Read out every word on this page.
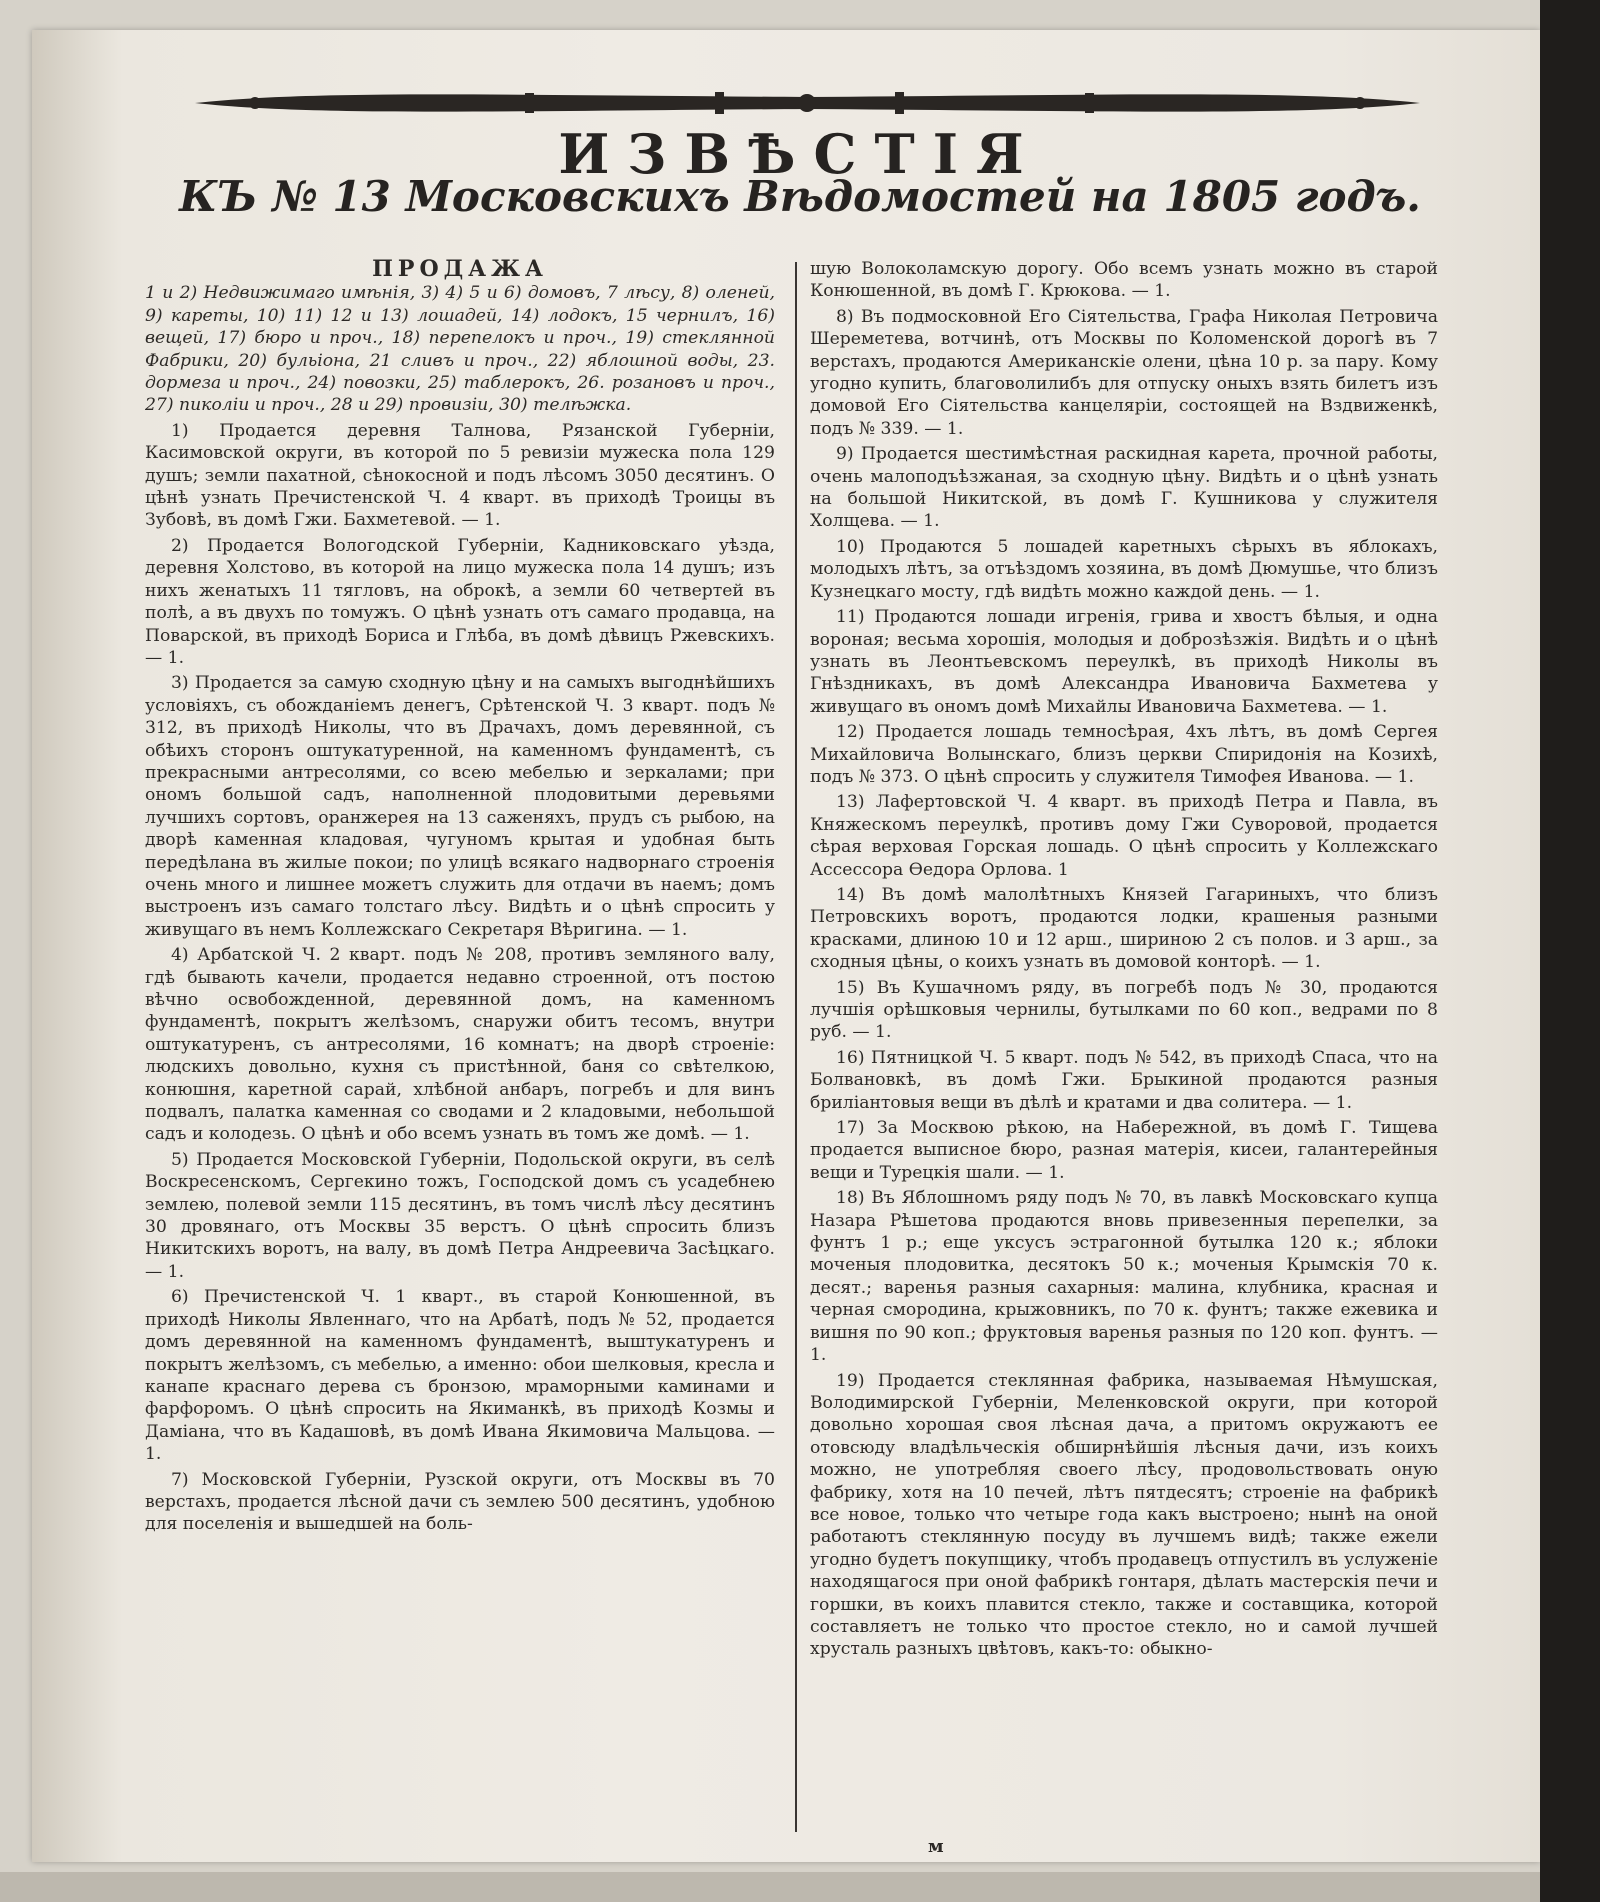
ИЗВѢСТІЯ
КЪ № 13 Московскихъ Вѣдомостей на 1805 годъ.

ПРОДАЖА

1 и 2) Недвижимаго имѣнія, 3) 4) 5 и 6) домовъ, 7 лѣсу, 8) оленей, 9) кареты, 10) 11) 12 и 13) лошадей, 14) лодокъ, 15 чернилъ, 16) вещей, 17) бюро и проч., 18) перепелокъ и проч., 19) стеклянной Фабрики, 20) бульіона, 21 сливъ и проч., 22) яблошной воды, 23. дормеза и проч., 24) повозки, 25) таблерокъ, 26. розановъ и проч., 27) пиколіи и проч., 28 и 29) провизіи, 30) телѣжка.

1) Продается деревня Талнова, Рязанской Губерніи, Касимовской округи, въ которой по 5 ревизіи мужеска пола 129 душъ; земли пахатной, сѣнокосной и подъ лѣсомъ 3050 десятинъ. О цѣнѣ узнать Пречистенской Ч. 4 кварт. въ приходѣ Троицы въ Зубовѣ, въ домѣ Гжи. Бахметевой. — 1.

2) Продается Вологодской Губерніи, Кадниковскаго уѣзда, деревня Холстово, въ которой на лицо мужеска пола 14 душъ; изъ нихъ женатыхъ 11 тягловъ, на оброкѣ, а земли 60 четвертей въ полѣ, а въ двухъ по томужъ. О цѣнѣ узнать отъ самаго продавца, на Поварской, въ приходѣ Бориса и Глѣба, въ домѣ дѣвицъ Ржевскихъ. — 1.

3) Продается за самую сходную цѣну и на самыхъ выгоднѣйшихъ условіяхъ, съ обожданіемъ денегъ, Срѣтенской Ч. 3 кварт. подъ № 312, въ приходѣ Николы, что въ Драчахъ, домъ деревянной, съ обѣихъ сторонъ оштукатуренной, на каменномъ фундаментѣ, съ прекрасными антресолями, со всею мебелью и зеркалами; при ономъ большой садъ, наполненной плодовитыми деревьями лучшихъ сортовъ, оранжерея на 13 саженяхъ, прудъ съ рыбою, на дворѣ каменная кладовая, чугуномъ крытая и удобная быть передѣлана въ жилые покои; по улицѣ всякаго надворнаго строенія очень много и лишнее можетъ служить для отдачи въ наемъ; домъ выстроенъ изъ самаго толстаго лѣсу. Видѣть и о цѣнѣ спросить у живущаго въ немъ Коллежскаго Секретаря Вѣригина. — 1.

4) Арбатской Ч. 2 кварт. подъ № 208, противъ земляного валу, гдѣ бывають качели, продается недавно строенной, отъ постою вѣчно освобожденной, деревянной домъ, на каменномъ фундаментѣ, покрытъ желѣзомъ, снаружи обитъ тесомъ, внутри оштукатуренъ, съ антресолями, 16 комнатъ; на дворѣ строеніе: людскихъ довольно, кухня съ пристѣнной, баня со свѣтелкою, конюшня, каретной сарай, хлѣбной анбаръ, погребъ и для винъ подвалъ, палатка каменная со сводами и 2 кладовыми, небольшой садъ и колодезь. О цѣнѣ и обо всемъ узнать въ томъ же домѣ. — 1.

5) Продается Московской Губерніи, Подольской округи, въ селѣ Воскресенскомъ, Сергекино тожъ, Господской домъ съ усадебнею землею, полевой земли 115 десятинъ, въ томъ числѣ лѣсу десятинъ 30 дровянаго, отъ Москвы 35 верстъ. О цѣнѣ спросить близъ Никитскихъ воротъ, на валу, въ домѣ Петра Андреевича Засѣцкаго. — 1.

6) Пречистенской Ч. 1 кварт., въ старой Конюшенной, въ приходѣ Николы Явленнаго, что на Арбатѣ, подъ № 52, продается домъ деревянной на каменномъ фундаментѣ, выштукатуренъ и покрытъ желѣзомъ, съ мебелью, а именно: обои шелковыя, кресла и канапе краснаго дерева съ бронзою, мраморными каминами и фарфоромъ. О цѣнѣ спросить на Якиманкѣ, въ приходѣ Козмы и Даміана, что въ Кадашовѣ, въ домѣ Ивана Якимовича Мальцова. — 1.

7) Московской Губерніи, Рузской округи, отъ Москвы въ 70 верстахъ, продается лѣсной дачи съ землею 500 десятинъ, удобною для поселенія и вышедшей на боль-

шую Волоколамскую дорогу. Обо всемъ узнать можно въ старой Конюшенной, въ домѣ Г. Крюкова. — 1.

8) Въ подмосковной Его Сіятельства, Графа Николая Петровича Шереметева, вотчинѣ, отъ Москвы по Коломенской дорогѣ въ 7 верстахъ, продаются Американскіе олени, цѣна 10 р. за пару. Кому угодно купить, благоволилибъ для отпуску оныхъ взять билетъ изъ домовой Его Сіятельства канцеляріи, состоящей на Вздвиженкѣ, подъ № 339. — 1.

9) Продается шестимѣстная раскидная карета, прочной работы, очень малоподъѣзжаная, за сходную цѣну. Видѣть и о цѣнѣ узнать на большой Никитской, въ домѣ Г. Кушникова у служителя Холщева. — 1.

10) Продаются 5 лошадей каретныхъ сѣрыхъ въ яблокахъ, молодыхъ лѣтъ, за отъѣздомъ хозяина, въ домѣ Дюмушье, что близъ Кузнецкаго мосту, гдѣ видѣть можно каждой день. — 1.

11) Продаются лошади игренія, грива и хвостъ бѣлыя, и одна вороная; весьма хорошія, молодыя и доброзѣзжія. Видѣть и о цѣнѣ узнать въ Леонтьевскомъ переулкѣ, въ приходѣ Николы въ Гнѣздникахъ, въ домѣ Александра Ивановича Бахметева у живущаго въ ономъ домѣ Михайлы Ивановича Бахметева. — 1.

12) Продается лошадь темносѣрая, 4хъ лѣтъ, въ домѣ Сергея Михайловича Волынскаго, близъ церкви Спиридонія на Козихѣ, подъ № 373. О цѣнѣ спросить у служителя Тимофея Иванова. — 1.

13) Лафертовской Ч. 4 кварт. въ приходѣ Петра и Павла, въ Княжескомъ переулкѣ, противъ дому Гжи Суворовой, продается сѣрая верховая Горская лошадь. О цѣнѣ спросить у Коллежскаго Ассессора Ѳедора Орлова. 1

14) Въ домѣ малолѣтныхъ Князей Гагариныхъ, что близъ Петровскихъ воротъ, продаются лодки, крашеныя разными красками, длиною 10 и 12 арш., шириною 2 съ полов. и 3 арш., за сходныя цѣны, о коихъ узнать въ домовой конторѣ. — 1.

15) Въ Кушачномъ ряду, въ погребѣ подъ № 30, продаются лучшія орѣшковыя чернилы, бутылками по 60 коп., ведрами по 8 руб. — 1.

16) Пятницкой Ч. 5 кварт. подъ № 542, въ приходѣ Спаса, что на Болвановкѣ, въ домѣ Гжи. Брыкиной продаются разныя бриліантовыя вещи въ дѣлѣ и кратами и два солитера. — 1.

17) За Москвою рѣкою, на Набережной, въ домѣ Г. Тищева продается выписное бюро, разная матерія, кисеи, галантерейныя вещи и Турецкія шали. — 1.

18) Въ Яблошномъ ряду подъ № 70, въ лавкѣ Московскаго купца Назара Рѣшетова продаются вновь привезенныя перепелки, за фунтъ 1 р.; еще уксусъ эстрагонной бутылка 120 к.; яблоки моченыя плодовитка, десятокъ 50 к.; моченыя Крымскія 70 к. десят.; варенья разныя сахарныя: малина, клубника, красная и черная смородина, крыжовникъ, по 70 к. фунтъ; также ежевика и вишня по 90 коп.; фруктовыя варенья разныя по 120 коп. фунтъ. — 1.

19) Продается стеклянная фабрика, называемая Нѣмушская, Володимирской Губерніи, Меленковской округи, при которой довольно хорошая своя лѣсная дача, а притомъ окружаютъ ее отовсюду владѣльческія обширнѣйшія лѣсныя дачи, изъ коихъ можно, не употребляя своего лѣсу, продовольствовать оную фабрику, хотя на 10 печей, лѣтъ пятдесятъ; строеніе на фабрикѣ все новое, только что четыре года какъ выстроено; нынѣ на оной работаютъ стеклянную посуду въ лучшемъ видѣ; также ежели угодно будетъ покупщику, чтобъ продавецъ отпустилъ въ услуженіе находящагося при оной фабрикѣ гонтаря, дѣлать мастерскія печи и горшки, въ коихъ плавится стекло, также и составщика, которой составляетъ не только что простое стекло, но и самой лучшей хрусталь разныхъ цвѣтовъ, какъ-то: обыкно-

м
